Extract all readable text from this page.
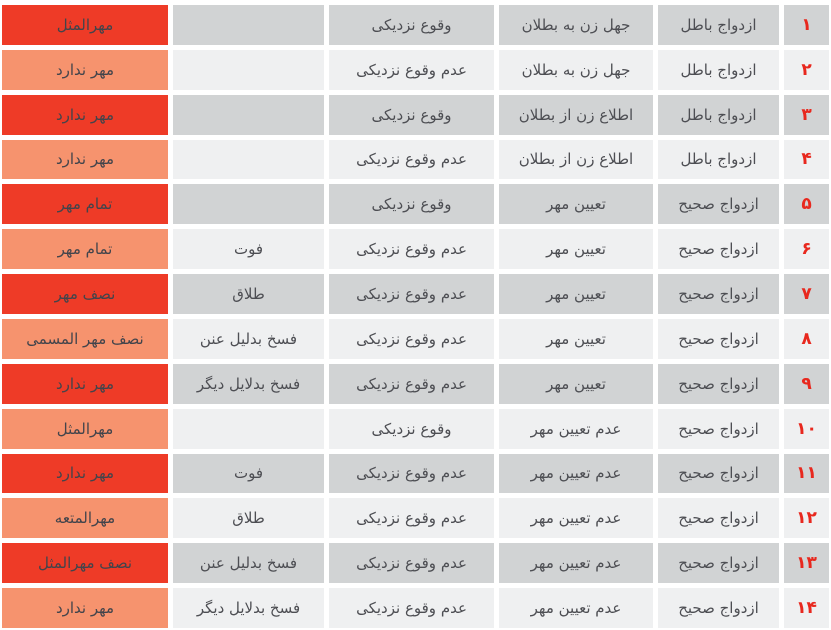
۱
ازدواج باطل
جهل زن به بطلان
وقوع نزدیکی
مهرالمثل
۲
ازدواج باطل
جهل زن به بطلان
عدم وقوع نزدیکی
مهر ندارد
۳
ازدواج باطل
اطلاع زن از بطلان
وقوع نزدیکی
مهر ندارد
۴
ازدواج باطل
اطلاع زن از بطلان
عدم وقوع نزدیکی
مهر ندارد
۵
ازدواج صحیح
تعیین مهر
وقوع نزدیکی
تمام مهر
۶
ازدواج صحیح
تعیین مهر
عدم وقوع نزدیکی
فوت
تمام مهر
۷
ازدواج صحیح
تعیین مهر
عدم وقوع نزدیکی
طلاق
نصف مهر
۸
ازدواج صحیح
تعیین مهر
عدم وقوع نزدیکی
فسخ بدلیل عنن
نصف مهر المسمی
۹
ازدواج صحیح
تعیین مهر
عدم وقوع نزدیکی
فسخ بدلایل دیگر
مهر ندارد
۱۰
ازدواج صحیح
عدم تعیین مهر
وقوع نزدیکی
مهرالمثل
۱۱
ازدواج صحیح
عدم تعیین مهر
عدم وقوع نزدیکی
فوت
مهر ندارد
۱۲
ازدواج صحیح
عدم تعیین مهر
عدم وقوع نزدیکی
طلاق
مهرالمتعه
۱۳
ازدواج صحیح
عدم تعیین مهر
عدم وقوع نزدیکی
فسخ بدلیل عنن
نصف مهرالمثل
۱۴
ازدواج صحیح
عدم تعیین مهر
عدم وقوع نزدیکی
فسخ بدلایل دیگر
مهر ندارد
